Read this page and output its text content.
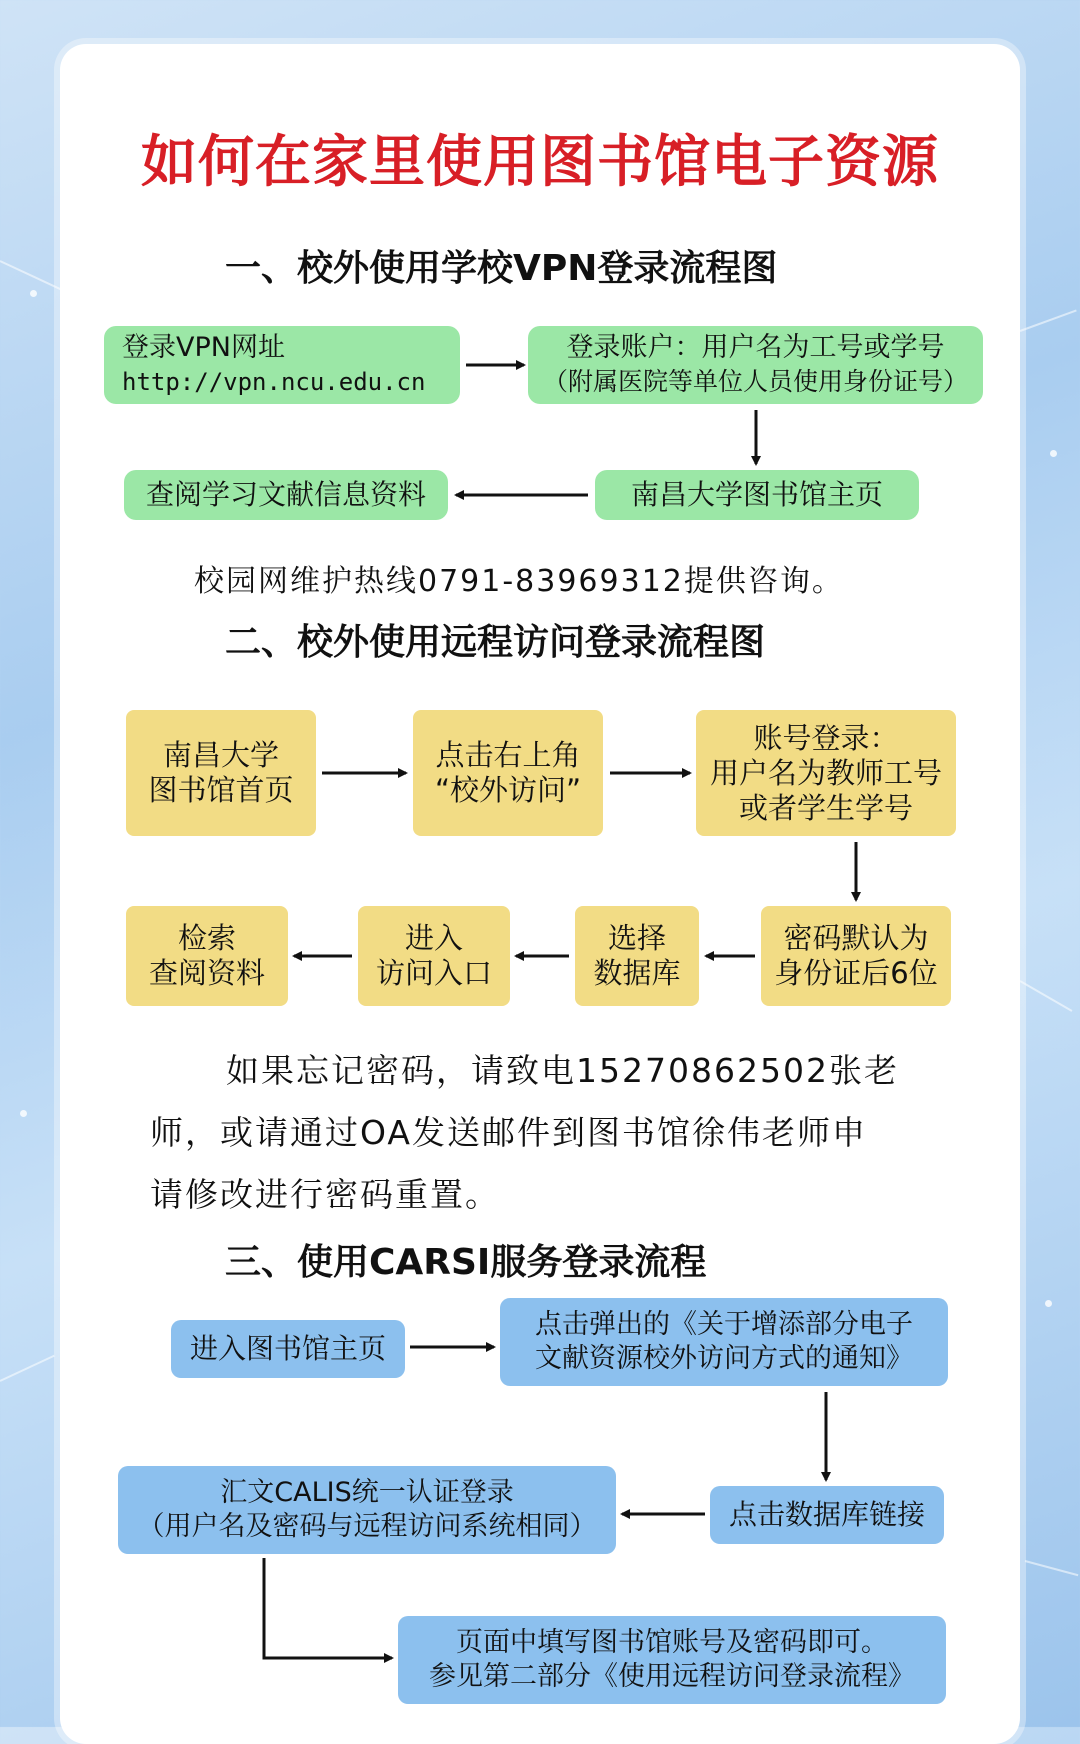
如何在家里使用图书馆电子资源
一、校外使用学校VPN登录流程图
登录VPN网址
http://vpn.ncu.edu.cn
登录账户：用户名为工号或学号
（附属医院等单位人员使用身份证号）
南昌大学图书馆主页
查阅学习文献信息资料
校园网维护热线0791-83969312提供咨询。
二、校外使用远程访问登录流程图
南昌大学
图书馆首页
点击右上角
“校外访问”
账号登录：
用户名为教师工号
或者学生学号
密码默认为
身份证后6位
选择
数据库
进入
访问入口
检索
查阅资料
如果忘记密码，请致电15270862502张老
师，或请通过OA发送邮件到图书馆徐伟老师申
请修改进行密码重置。
三、使用CARSI服务登录流程
进入图书馆主页
点击弹出的《关于增添部分电子
文献资源校外访问方式的通知》
点击数据库链接
汇文CALIS统一认证登录
（用户名及密码与远程访问系统相同）
页面中填写图书馆账号及密码即可。
参见第二部分《使用远程访问登录流程》
